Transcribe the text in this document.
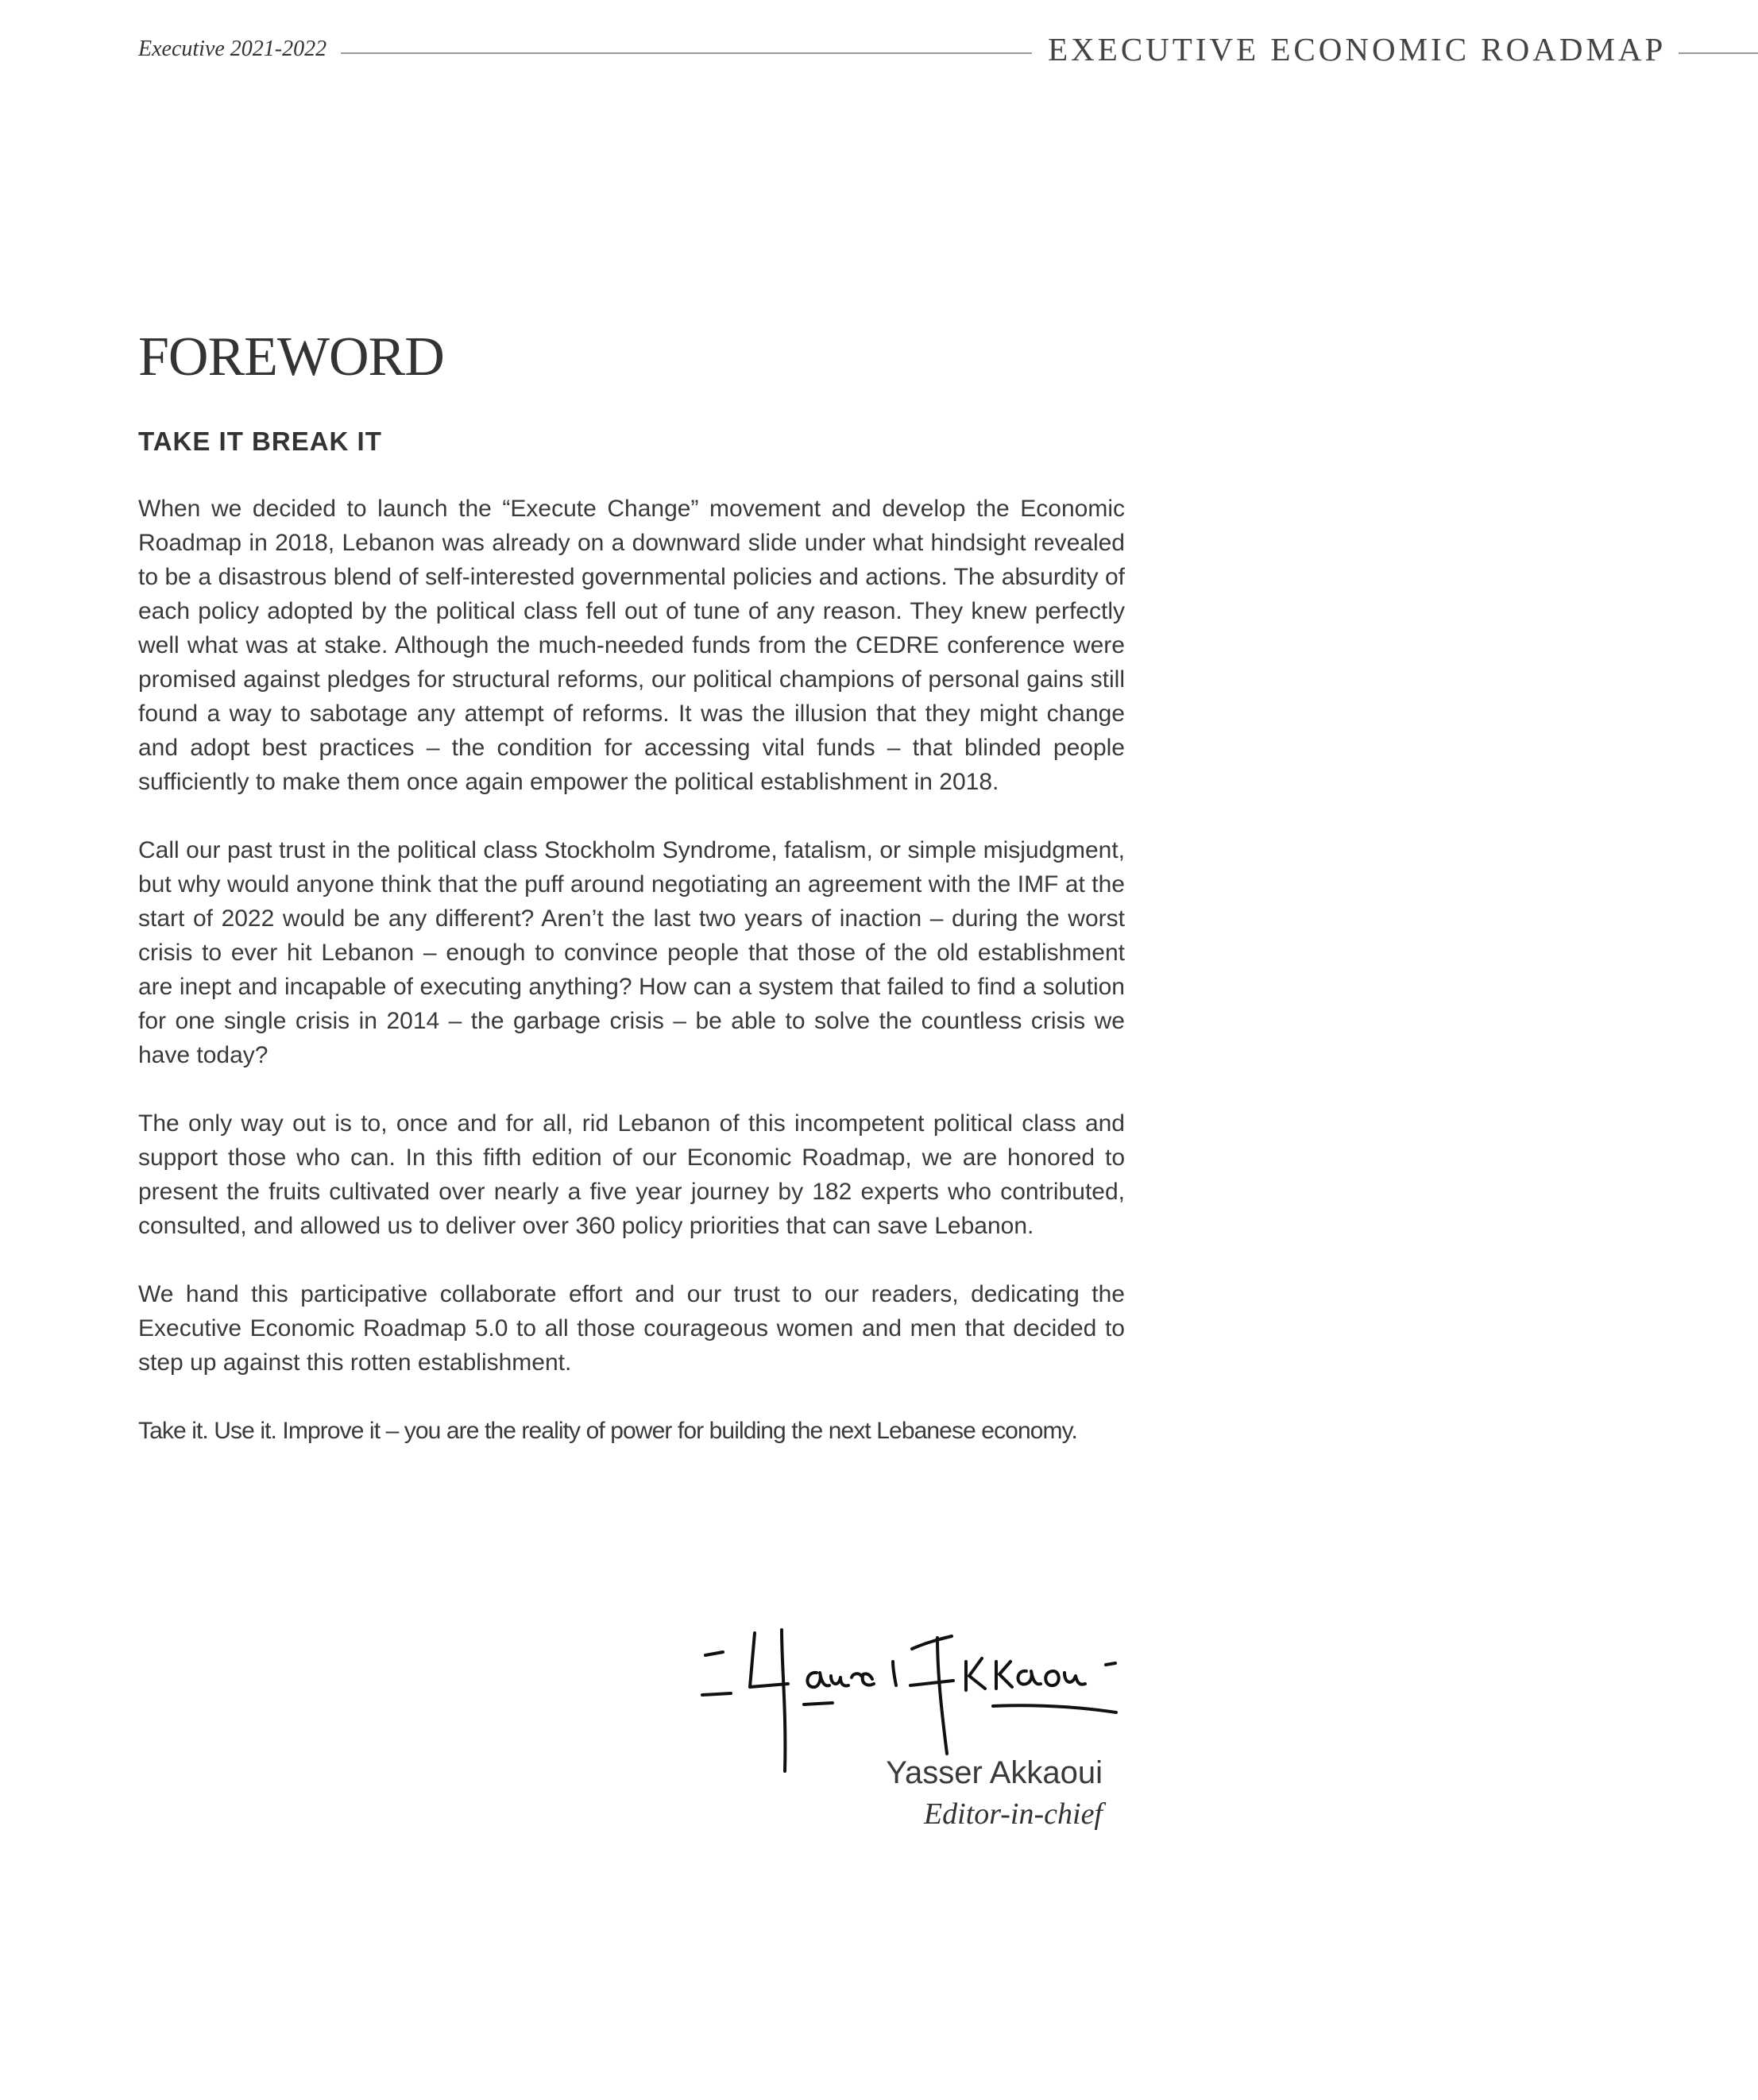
Executive 2021-2022	EXECUTIVE ECONOMIC ROADMAP
FOREWORD
TAKE IT BREAK IT

When we decided to launch the “Execute Change” movement and develop the Economic Roadmap in 2018, Lebanon was already on a downward slide under what hindsight revealed to be a disastrous blend of self-interested governmental policies and actions. The absurdity of each policy adopted by the political class fell out of tune of any reason. They knew perfectly well what was at stake. Although the much-needed funds from the CEDRE conference were promised against pledges for structural reforms, our political champions of personal gains still found a way to sabotage any attempt of reforms. It was the illusion that they might change and adopt best practices – the condition for accessing vital funds – that blinded people sufficiently to make them once again empower the political establishment in 2018.

Call our past trust in the political class Stockholm Syndrome, fatalism, or simple misjudgment, but why would anyone think that the puff around negotiating an agreement with the IMF at the start of 2022 would be any different? Aren’t the last two years of inaction – during the worst crisis to ever hit Lebanon – enough to convince people that those of the old establishment are inept and incapable of executing anything? How can a system that failed to find a solution for one single crisis in 2014 – the garbage crisis – be able to solve the countless crisis we have today?

The only way out is to, once and for all, rid Lebanon of this incompetent political class and support those who can. In this fifth edition of our Economic Roadmap, we are honored to present the fruits cultivated over nearly a five year journey by 182 experts who contributed, consulted, and allowed us to deliver over 360 policy priorities that can save Lebanon.

We hand this participative collaborate effort and our trust to our readers, dedicating the Executive Economic Roadmap 5.0 to all those courageous women and men that decided to step up against this rotten establishment.

Take it. Use it. Improve it – you are the reality of power for building the next Lebanese economy.

Yasser Akkaoui
Editor-in-chief
